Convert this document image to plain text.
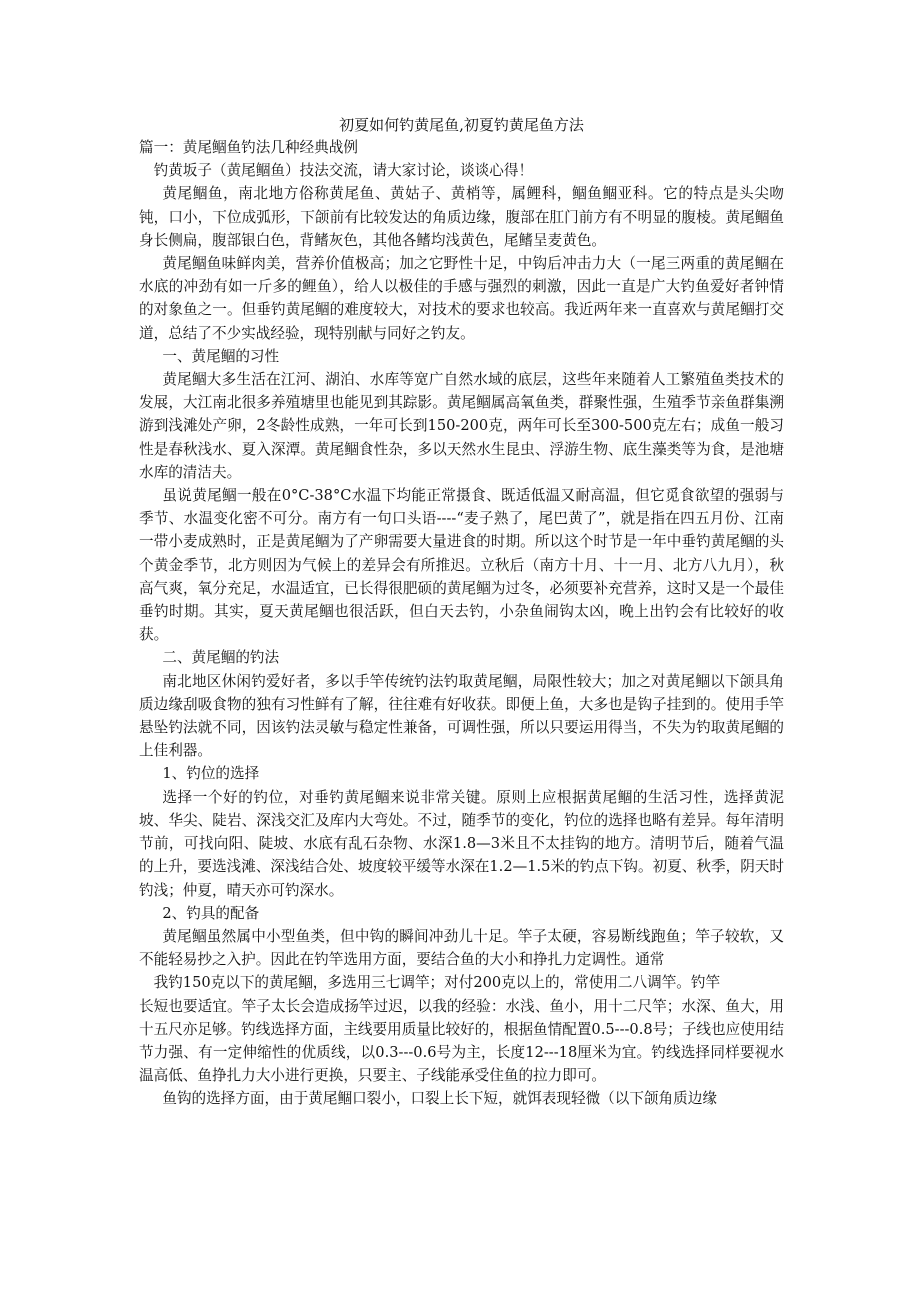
初夏如何钓黄尾鱼,初夏钓黄尾鱼方法

篇一：黄尾鲴鱼钓法几种经典战例

钓黄坂子（黄尾鲴鱼）技法交流，请大家讨论，谈谈心得！

黄尾鲴鱼，南北地方俗称黄尾鱼、黄姑子、黄梢等，属鲤科，鲴鱼鲴亚科。它的特点是头尖吻钝，口小，下位成弧形，下颌前有比较发达的角质边缘，腹部在肛门前方有不明显的腹棱。黄尾鲴鱼身长侧扁，腹部银白色，背鳍灰色，其他各鳍均浅黄色，尾鳍呈麦黄色。

黄尾鲴鱼味鲜肉美，营养价值极高；加之它野性十足，中钩后冲击力大（一尾三两重的黄尾鲴在水底的冲劲有如一斤多的鲤鱼），给人以极佳的手感与强烈的刺激，因此一直是广大钓鱼爱好者钟情的对象鱼之一。但垂钓黄尾鲴的难度较大，对技术的要求也较高。我近两年来一直喜欢与黄尾鲴打交道，总结了不少实战经验，现特别献与同好之钓友。

一、黄尾鲴的习性

黄尾鲴大多生活在江河、湖泊、水库等宽广自然水域的底层，这些年来随着人工繁殖鱼类技术的发展，大江南北很多养殖塘里也能见到其踪影。黄尾鲴属高氧鱼类，群聚性强，生殖季节亲鱼群集溯游到浅滩处产卵，2冬龄性成熟，一年可长到150-200克，两年可长至300-500克左右；成鱼一般习性是春秋浅水、夏入深潭。黄尾鲴食性杂，多以天然水生昆虫、浮游生物、底生藻类等为食，是池塘水库的清洁夫。

虽说黄尾鲴一般在0°C-38°C水温下均能正常摄食、既适低温又耐高温，但它觅食欲望的强弱与季节、水温变化密不可分。南方有一句口头语----“麦子熟了，尾巴黄了”，就是指在四五月份、江南一带小麦成熟时，正是黄尾鲴为了产卵需要大量进食的时期。所以这个时节是一年中垂钓黄尾鲴的头个黄金季节，北方则因为气候上的差异会有所推迟。立秋后（南方十月、十一月、北方八九月），秋高气爽，氧分充足，水温适宜，已长得很肥硕的黄尾鲴为过冬，必须要补充营养，这时又是一个最佳垂钓时期。其实，夏天黄尾鲴也很活跃，但白天去钓，小杂鱼闹钩太凶，晚上出钓会有比较好的收获。

二、黄尾鲴的钓法

南北地区休闲钓爱好者，多以手竿传统钓法钓取黄尾鲴，局限性较大；加之对黄尾鲴以下颌具角质边缘刮吸食物的独有习性鲜有了解，往往难有好收获。即便上鱼，大多也是钩子挂到的。使用手竿悬坠钓法就不同，因该钓法灵敏与稳定性兼备，可调性强，所以只要运用得当，不失为钓取黄尾鲴的上佳利器。

1、钓位的选择

选择一个好的钓位，对垂钓黄尾鲴来说非常关键。原则上应根据黄尾鲴的生活习性，选择黄泥坡、华尖、陡岩、深浅交汇及库内大弯处。不过，随季节的变化，钓位的选择也略有差异。每年清明节前，可找向阳、陡坡、水底有乱石杂物、水深1.8—3米且不太挂钩的地方。清明节后，随着气温的上升，要选浅滩、深浅结合处、坡度较平缓等水深在1.2—1.5米的钓点下钩。初夏、秋季，阴天时钓浅；仲夏，晴天亦可钓深水。

2、钓具的配备

黄尾鲴虽然属中小型鱼类，但中钩的瞬间冲劲儿十足。竿子太硬，容易断线跑鱼；竿子较软，又不能轻易抄之入护。因此在钓竿选用方面，要结合鱼的大小和挣扎力定调性。通常

我钓150克以下的黄尾鲴，多选用三七调竿；对付200克以上的，常使用二八调竿。钓竿

长短也要适宜。竿子太长会造成扬竿过迟，以我的经验：水浅、鱼小，用十二尺竿；水深、鱼大，用十五尺亦足够。钓线选择方面，主线要用质量比较好的，根据鱼情配置0.5---0.8号；子线也应使用结节力强、有一定伸缩性的优质线，以0.3---0.6号为主，长度12---18厘米为宜。钓线选择同样要视水温高低、鱼挣扎力大小进行更换，只要主、子线能承受住鱼的拉力即可。

鱼钩的选择方面，由于黄尾鲴口裂小，口裂上长下短，就饵表现轻微（以下颌角质边缘
